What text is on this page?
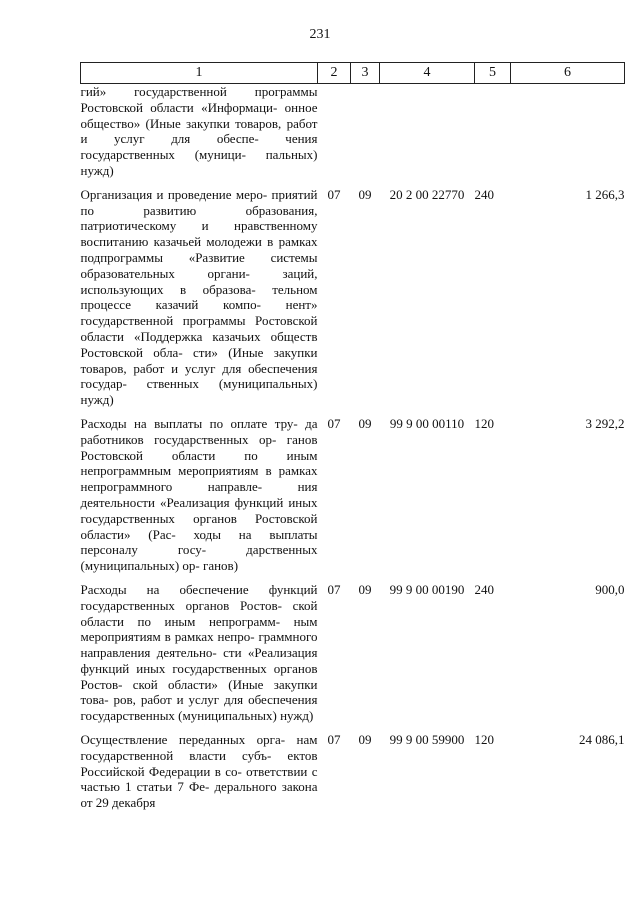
231
1	2	3	4	5	6
гий» государственной программы Ростовской области «Информаци- онное общество» (Иные закупки товаров, работ и услуг для обеспе- чения государственных (муници- пальных) нужд)					
Организация и проведение меро- приятий по развитию образования, патриотическому и нравственному воспитанию казачьей молодежи в рамках подпрограммы «Развитие системы образовательных органи- заций, использующих в образова- тельном процессе казачий компо- нент» государственной программы Ростовской области «Поддержка казачьих обществ Ростовской обла- сти» (Иные закупки товаров, работ и услуг для обеспечения государ- ственных (муниципальных) нужд)	07	09	20 2 00 22770	240	1 266,3
Расходы на выплаты по оплате тру- да работников государственных ор- ганов Ростовской области по иным непрограммным мероприятиям в рамках непрограммного направле- ния деятельности «Реализация функций иных государственных органов Ростовской области» (Рас- ходы на выплаты персоналу госу- дарственных (муниципальных) ор- ганов)	07	09	99 9 00 00110	120	3 292,2
Расходы на обеспечение функций государственных органов Ростов- ской области по иным непрограмм- ным мероприятиям в рамках непро- граммного направления деятельно- сти «Реализация функций иных государственных органов Ростов- ской области» (Иные закупки това- ров, работ и услуг для обеспечения государственных (муниципальных) нужд)	07	09	99 9 00 00190	240	900,0
Осуществление переданных орга- нам государственной власти субъ- ектов Российской Федерации в со- ответствии с частью 1 статьи 7 Фе- дерального закона от 29 декабря	07	09	99 9 00 59900	120	24 086,1
